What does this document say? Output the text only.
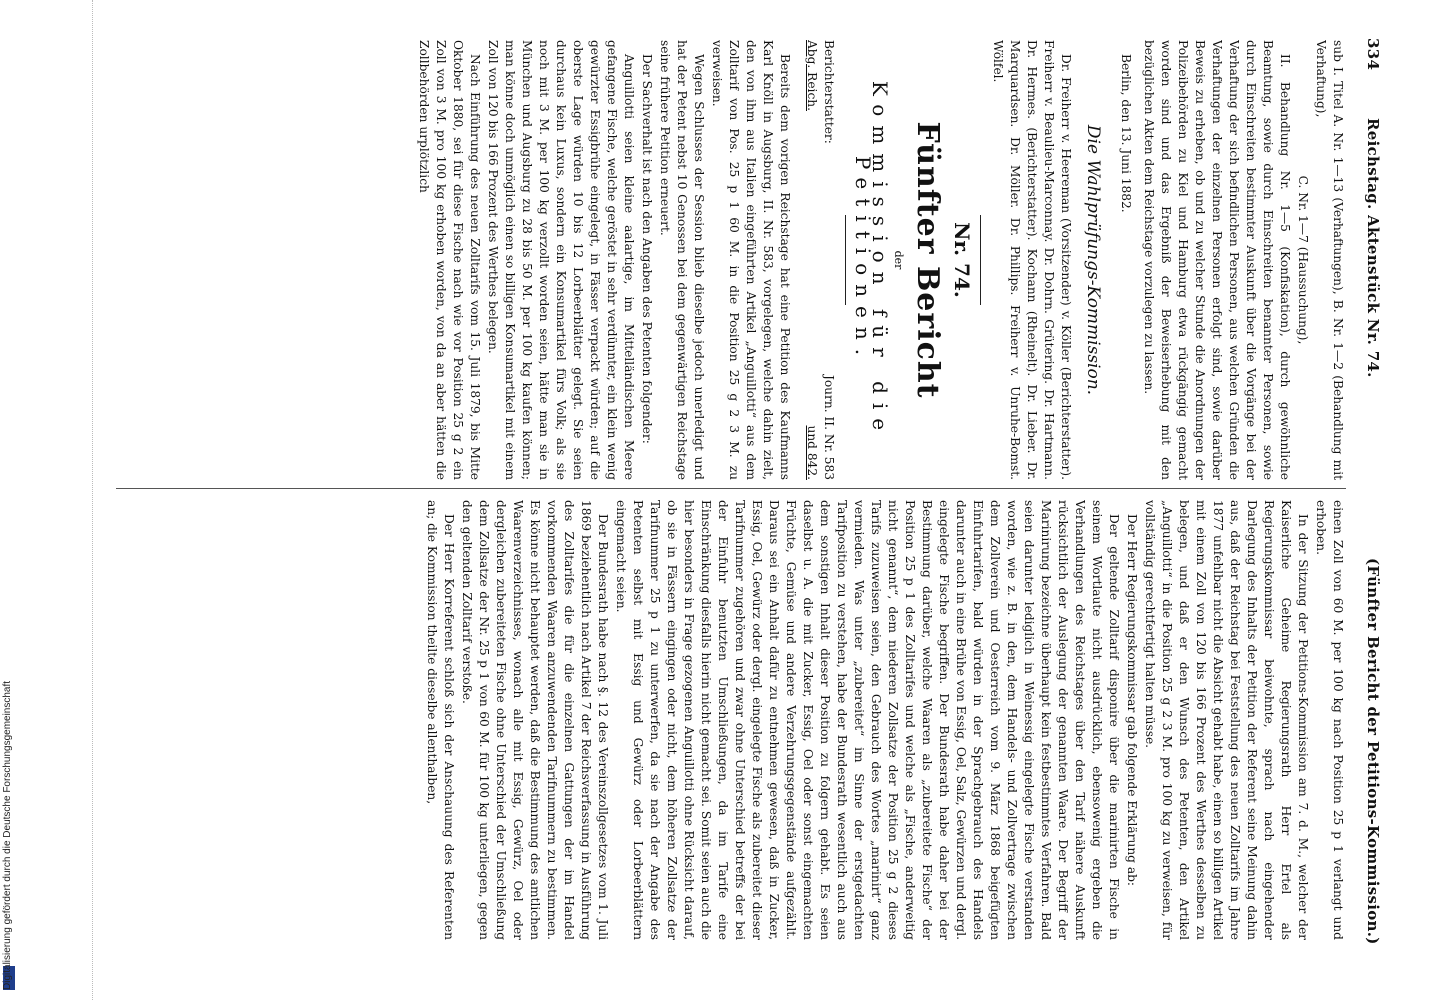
Digitalisierung gefördert durch die Deutsche Forschungsgemeinschaft
334
Reichstag. Aktenstück Nr. 74.
(Fünfter Bericht der Petitions-Kommission.)

sub I. Titel A. Nr. 1—13 (Verhaftungen), B. Nr. 1—2 (Behandlung mit Verhaftung),

C. Nr. 1—7 (Haussuchung),

II. Behandlung Nr. 1—5 (Konfiskation), durch gewöhnliche Beamtung, sowie durch Einschreiten benannter Personen, sowie durch Einschreiten bestimmter Auskunft über die Vorgänge bei der Verhaftung der sich befindlichen Personen, aus welchen Gründen die Verhaftungen der einzelnen Personen erfolgt sind, sowie darüber Beweis zu erheben, ob und zu welcher Stunde die Anordnungen der Polizeibehörden zu Kiel und Hamburg etwa rückgängig gemacht worden sind und das Ergebniß der Beweiserhebung mit den bezüglichen Akten dem Reichstage vorzulegen zu lassen.

Berlin, den 13. Juni 1882.

Die Wahlprüfungs-Kommission.

Dr. Freiherr v. Heereman (Vorsitzender) v. Köller (Berichterstatter). Freiherr v. Beaulieu-Marconnay. Dr. Dohrn. Grütering. Dr. Hartmann. Dr. Hermes. (Berichterstatter). Kochann (Rheinelt). Dr. Lieber. Dr. Marquardsen. Dr. Möller. Dr. Phillips. Freiherr v. Unruhe-Bomst. Wölfel.

Nr. 74.

Fünfter Bericht

der

Kommission für die Petitionen.

Berichterstatter:
Abg. Reich.
Journ. II. Nr. 583
und 842.

Bereits dem vorigen Reichstage hat eine Petition des Kaufmanns Karl Knöll in Augsburg, II. Nr. 583, vorgelegen, welche dahin zielt, den von ihm aus Italien eingeführten Artikel „Anguillotti“ aus dem Zolltarif von Pos. 25 p 1 60 M. in die Position 25 g 2 3 M. zu verweisen.

Wegen Schlusses der Session blieb dieselbe jedoch unerledigt und hat der Petent nebst 10 Genossen bei dem gegenwärtigen Reichstage seine frühere Petition erneuert.

Der Sachverhalt ist nach den Angaben des Petenten folgender:

Anguillotti seien kleine aalartige, im Mittelländischen Meere gefangene Fische, welche geröstet in sehr verdünnter, ein klein wenig gewürzter Essigbrühe eingelegt, in Fässer verpackt würden; auf die oberste Lage würden 10 bis 12 Lorbeerblätter gelegt. Sie seien durchaus kein Luxus, sondern ein Konsumartikel fürs Volk; als sie noch mit 3 M. per 100 kg verzollt worden seien, hätte man sie in München und Augsburg zu 28 bis 50 M. per 100 kg kaufen können; man könne doch unmöglich einen so billigen Konsumartikel mit einem Zoll von 120 bis 166 Prozent des Werthes belegen.

Nach Einführung des neuen Zolltarifs vom 15. Juli 1879, bis Mitte Oktober 1880, sei für diese Fische nach wie vor Position 25 g 2 ein Zoll von 3 M. pro 100 kg erhoben worden, von da an aber hätten die Zollbehörden urplötzlich

einen Zoll von 60 M. per 100 kg nach Position 25 p 1 verlangt und erhoben.

In der Sitzung der Petitions-Kommission am 7. d. M., welcher der Kaiserliche Geheime Regierungsrath Herr Ertel als Regierungskommissar beiwohnte, sprach nach eingehender Darlegung des Inhalts der Petition der Referent seine Meinung dahin aus, daß der Reichstag bei Feststellung des neuen Zolltarifs im Jahre 1877 unfehlbar nicht die Absicht gehabt habe, einen so billigen Artikel mit einem Zoll von 120 bis 166 Prozent des Werthes desselben zu belegen, und daß er den Wunsch des Petenten, den Artikel „Anguillotti“ in die Position 25 g 2 3 M. pro 100 kg zu verweisen, für vollständig gerechtfertigt halten müsse.

Der Herr Regierungskommissar gab folgende Erklärung ab:

Der geltende Zolltarif disponire über die marinirten Fische in seinem Wortlaute nicht ausdrücklich, ebensowenig ergeben die Verhandlungen des Reichstages über den Tarif nähere Auskunft rücksichtlich der Auslegung der genannten Waare. Der Begriff der Marinirung bezeichne überhaupt kein festbestimmtes Verfahren. Bald seien darunter lediglich in Weinessig eingelegte Fische verstanden worden, wie z. B. in den, dem Handels- und Zollvertrage zwischen dem Zollverein und Oesterreich vom 9. März 1868 beigefügten Einfuhrtarifen, bald würden in der Sprachgebrauch des Handels darunter auch in eine Brühe von Essig, Oel, Salz, Gewürzen und dergl. eingelegte Fische begriffen. Der Bundesrath habe daher bei der Bestimmung darüber, welche Waaren als „zubereitete Fische“ der Position 25 p 1 des Zolltarifes und welche als „Fische, anderweitig nicht genannt“, dem niederen Zollsatze der Position 25 g 2 dieses Tarifs zuzuweisen seien, den Gebrauch des Wortes „marinirt“ ganz vermieden. Was unter „zubereitet“ im Sinne der erstgedachten Tarifposition zu verstehen, habe der Bundesrath wesentlich auch aus dem sonstigen Inhalt dieser Position zu folgern gehabt. Es seien daselbst u. A. die mit Zucker, Essig, Oel oder sonst eingemachten Früchte, Gemüse und andere Verzehrungsgegenstände aufgezählt. Daraus sei ein Anhalt dafür zu entnehmen gewesen, daß in Zucker, Essig, Oel, Gewürz oder dergl. eingelegte Fische als zubereitet dieser Tarifnummer zugehören und zwar ohne Unterschied betreffs der bei der Einfuhr benutzten Umschließungen, da im Tarife eine Einschränkung diesfalls hierin nicht gemacht sei. Somit seien auch die hier besonders in Frage gezogenen Anguillotti ohne Rücksicht darauf, ob sie in Fässern eingingen oder nicht, dem höheren Zollsatze der Tarifnummer 25 p 1 zu unterwerfen, da sie nach der Angabe des Petenten selbst mit Essig und Gewürz oder Lorbeerblättern eingemacht seien.

Der Bundesrath habe nach §. 12 des Vereinszollgesetzes vom 1. Juli 1869 beziehentlich nach Artikel 7 der Reichsverfassung in Ausführung des Zolltarifes die für die einzelnen Gattungen der im Handel vorkommenden Waaren anzuwendenden Tarifnummern zu bestimmen. Es könne nicht behauptet werden, daß die Bestimmung des amtlichen Waarenverzeichnisses, wonach alle mit Essig, Gewürz, Oel oder dergleichen zubereiteten Fische ohne Unterschied der Umschließung dem Zollsatze der Nr. 25 p 1 von 60 M. für 100 kg unterliegen, gegen den geltenden Zolltarif verstoße.

Der Herr Korreferent schloß sich der Anschauung des Referenten an; die Kommission theilte dieselbe allenthalben,
